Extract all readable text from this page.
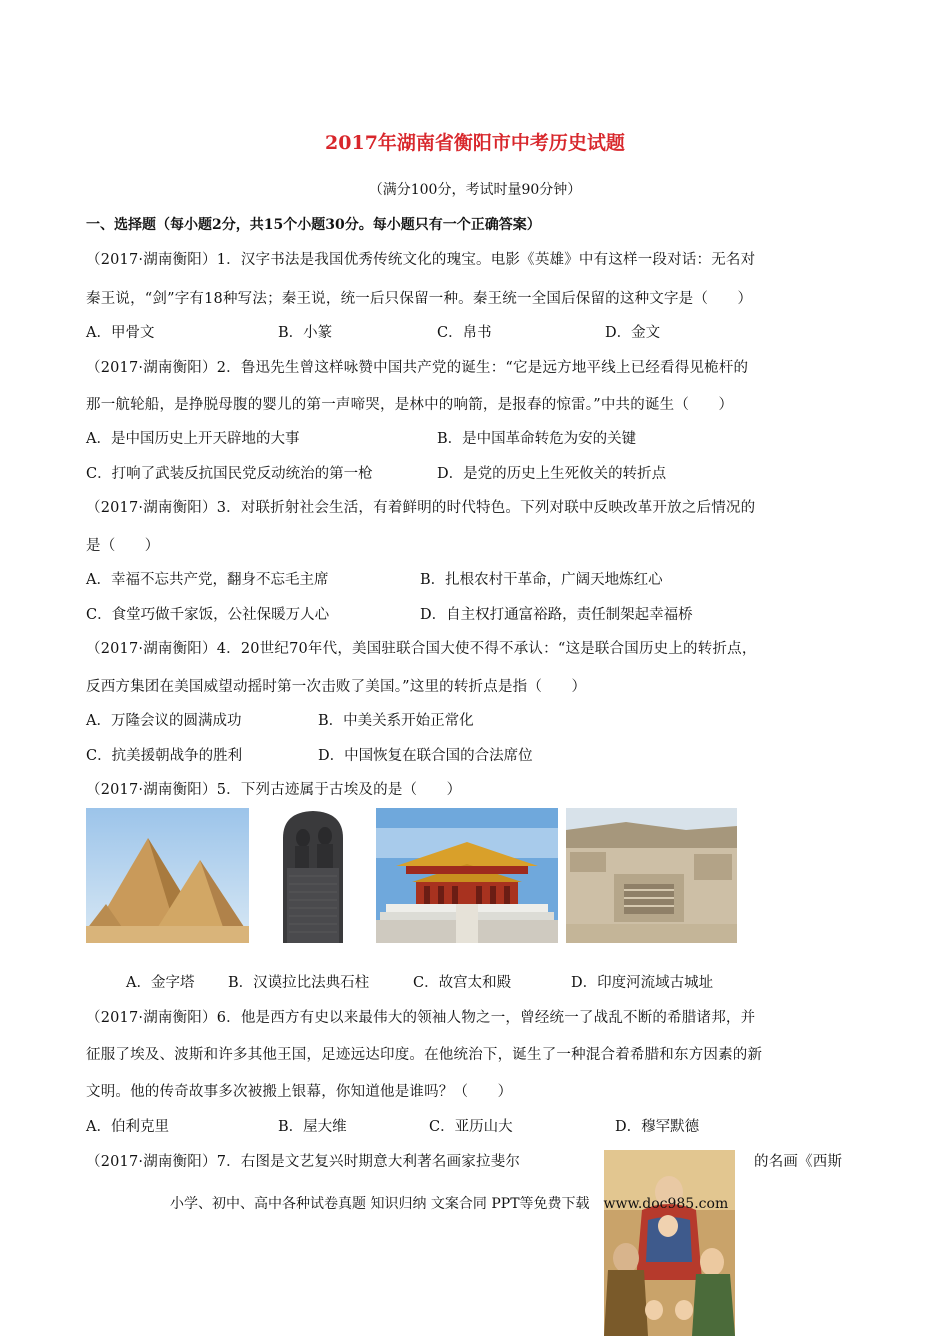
2017年湖南省衡阳市中考历史试题
（满分100分，考试时量90分钟）
一、选择题（每小题2分，共15个小题30分。每小题只有一个正确答案）
（2017·湖南衡阳）1．汉字书法是我国优秀传统文化的瑰宝。电影《英雄》中有这样一段对话：无名对
秦王说，“剑”字有18种写法；秦王说，统一后只保留一种。秦王统一全国后保留的这种文字是（　　）
A．甲骨文	B．小篆	C．帛书	D．金文
（2017·湖南衡阳）2．鲁迅先生曾这样咏赞中国共产党的诞生：“它是远方地平线上已经看得见桅杆的
那一航轮船，是挣脱母腹的婴儿的第一声啼哭，是林中的响箭，是报春的惊雷。”中共的诞生（　　）
A．是中国历史上开天辟地的大事	B．是中国革命转危为安的关键
C．打响了武装反抗国民党反动统治的第一枪	D．是党的历史上生死攸关的转折点
（2017·湖南衡阳）3．对联折射社会生活，有着鲜明的时代特色。下列对联中反映改革开放之后情况的
是（　　）
A．幸福不忘共产党，翻身不忘毛主席	B．扎根农村干革命，广阔天地炼红心
C．食堂巧做千家饭，公社保暖万人心	D．自主权打通富裕路，责任制架起幸福桥
（2017·湖南衡阳）4．20世纪70年代，美国驻联合国大使不得不承认：“这是联合国历史上的转折点，
反西方集团在美国威望动摇时第一次击败了美国。”这里的转折点是指（　　）
A．万隆会议的圆满成功	B．中美关系开始正常化
C．抗美援朝战争的胜利	D．中国恢复在联合国的合法席位
（2017·湖南衡阳）5．下列古迹属于古埃及的是（　　）
A．金字塔 B．汉谟拉比法典石柱	C．故宫太和殿	D．印度河流域古城址
（2017·湖南衡阳）6．他是西方有史以来最伟大的领袖人物之一，曾经统一了战乱不断的希腊诸邦，并
征服了埃及、波斯和许多其他王国，足迹远达印度。在他统治下，诞生了一种混合着希腊和东方因素的新
文明。他的传奇故事多次被搬上银幕，你知道他是谁吗？（　　）
A．伯利克里	B．屋大维	C．亚历山大	D．穆罕默德
（2017·湖南衡阳）7．右图是文艺复兴时期意大利著名画家拉斐尔	的名画《西斯
小学、初中、高中各种试卷真题 知识归纳 文案合同 PPT等免费下载　www.doc985.com
